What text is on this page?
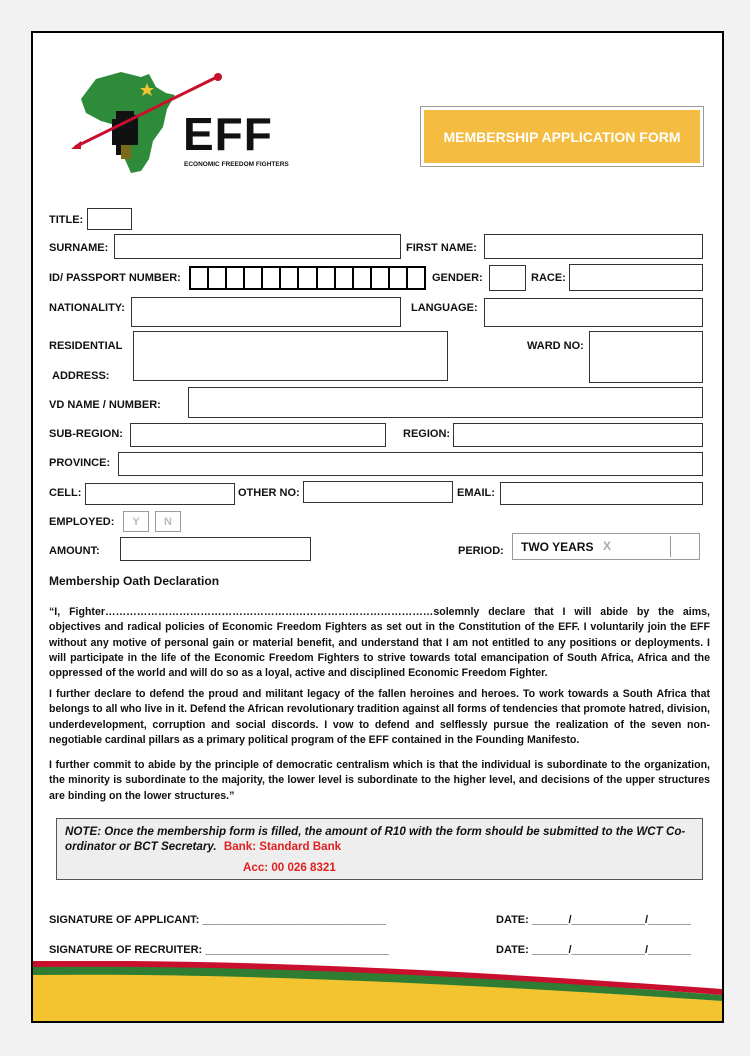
EFF
ECONOMIC FREEDOM FIGHTERS
MEMBERSHIP APPLICATION FORM
TITLE:
SURNAME:	FIRST NAME:
ID/ PASSPORT NUMBER:	GENDER:	RACE:
NATIONALITY:	LANGUAGE:
RESIDENTIAL
ADDRESS:
WARD NO:
VD NAME / NUMBER:
SUB-REGION:	REGION:
PROVINCE:
CELL:	OTHER NO:	EMAIL:
EMPLOYED:	Y	N
AMOUNT:	PERIOD: TWO YEARS X
Membership Oath Declaration
“I, Fighter…………………………………………………………………………………solemnly declare that I will abide by the aims, objectives and radical policies of Economic Freedom Fighters as set out in the Constitution of the EFF. I voluntarily join the EFF without any motive of personal gain or material benefit, and understand that I am not entitled to any positions or deployments. I will participate in the life of the Economic Freedom Fighters to strive towards total emancipation of South Africa, Africa and the oppressed of the world and will do so as a loyal, active and disciplined Economic Freedom Fighter.
I further declare to defend the proud and militant legacy of the fallen heroines and heroes. To work towards a South Africa that belongs to all who live in it. Defend the African revolutionary tradition against all forms of tendencies that promote hatred, division, underdevelopment, corruption and social discords. I vow to defend and selflessly pursue the realization of the seven non-negotiable cardinal pillars as a primary political program of the EFF contained in the Founding Manifesto.
I further commit to abide by the principle of democratic centralism which is that the individual is subordinate to the organization, the minority is subordinate to the majority, the lower level is subordinate to the higher level, and decisions of the upper structures are binding on the lower structures.”
NOTE: Once the membership form is filled, the amount of R10 with the form should be submitted to the WCT Co-ordinator or BCT Secretary. Bank: Standard Bank
Acc: 00 026 8321
SIGNATURE OF APPLICANT: ______________________________	DATE: ______/____________/_______
SIGNATURE OF RECRUITER: ______________________________	DATE: ______/____________/_______
